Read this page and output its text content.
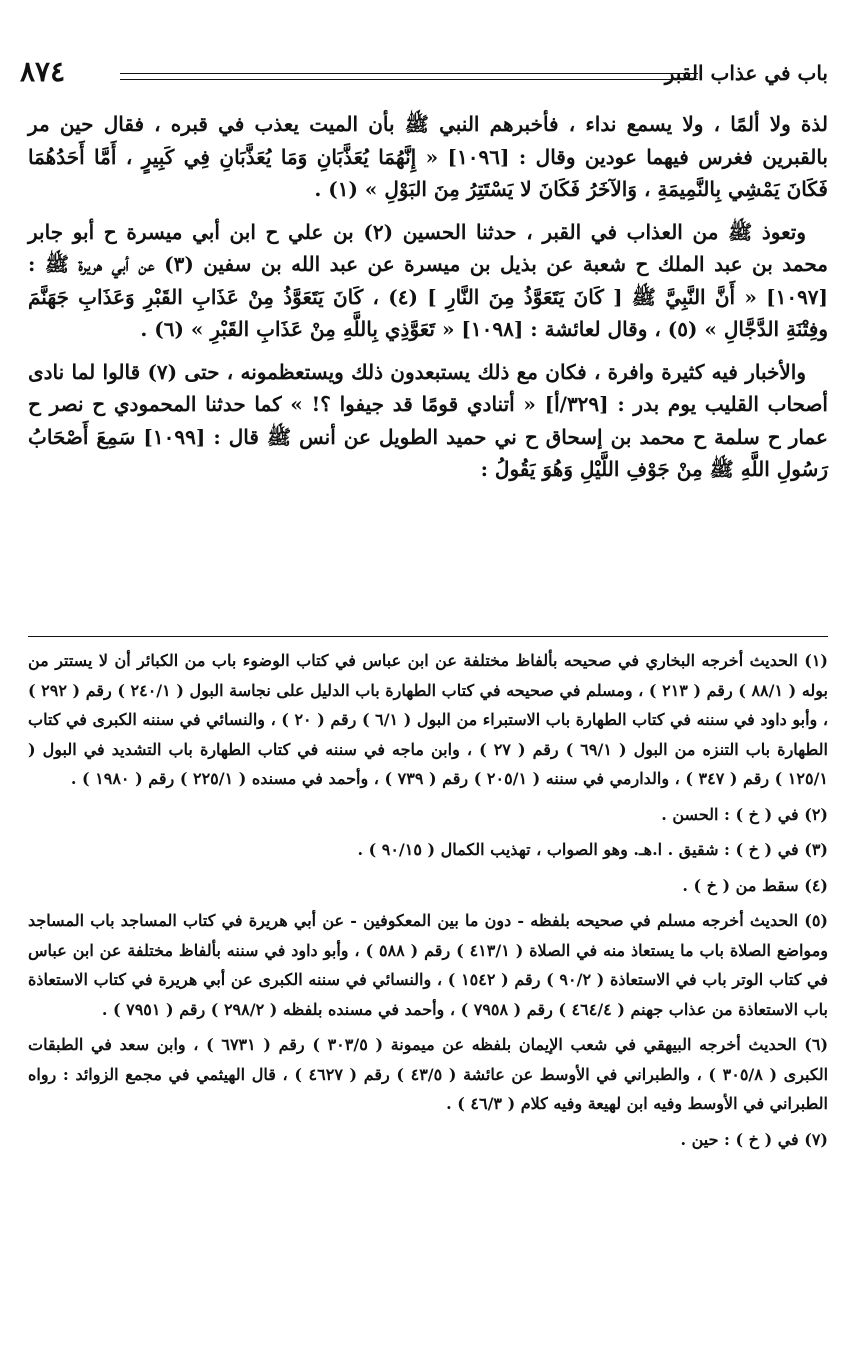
باب في عذاب القبر
٨٧٤

لذة ولا ألمًا ، ولا يسمع نداء ، فأخبرهم النبي ﷺ بأن الميت يعذب في قبره ، فقال حين مر بالقبرين فغرس فيهما عودين وقال : [١٠٩٦] « إِنَّهُمَا يُعَذَّبَانِ وَمَا يُعَذَّبَانِ فِي كَبِيرٍ ، أَمَّا أَحَدُهُمَا فَكَانَ يَمْشِي بِالنَّمِيمَةِ ، وَالآخَرُ فَكَانَ لا يَسْتَتِرُ مِنَ البَوْلِ » (١) .

وتعوذ ﷺ من العذاب في القبر ، حدثنا الحسين (٢) بن علي ح ابن أبي ميسرة ح أبو جابر محمد بن عبد الملك ح شعبة عن بذيل بن ميسرة عن عبد الله بن سفين (٣) عن أبي هريرة ﷺ : [١٠٩٧] « أَنَّ النَّبِيَّ ﷺ [ كَانَ يَتَعَوَّذُ مِنَ النَّارِ ] (٤) ، كَانَ يَتَعَوَّذُ مِنْ عَذَابِ القَبْرِ وَعَذَابِ جَهَنَّمَ وفِتْنَةِ الدَّجَّالِ » (٥) ، وقال لعائشة : [١٠٩٨] « تَعَوَّذِي بِاللَّهِ مِنْ عَذَابِ القَبْرِ » (٦) .

والأخبار فيه كثيرة وافرة ، فكان مع ذلك يستبعدون ذلك ويستعظمونه ، حتى (٧) قالوا لما نادى أصحاب القليب يوم بدر : [٣٢٩/أ] « أتنادي قومًا قد جيفوا ؟! » كما حدثنا المحمودي ح نصر ح عمار ح سلمة ح محمد بن إسحاق ح ني حميد الطويل عن أنس ﷺ قال : [١٠٩٩] سَمِعَ أَصْحَابُ رَسُولِ اللَّهِ ﷺ مِنْ جَوْفِ اللَّيْلِ وَهُوَ يَقُولُ :

(١) الحديث أخرجه البخاري في صحيحه بألفاظ مختلفة عن ابن عباس في كتاب الوضوء باب من الكبائر أن لا يستتر من بوله ( ٨٨/١ ) رقم ( ٢١٣ ) ، ومسلم في صحيحه في كتاب الطهارة باب الدليل على نجاسة البول ( ٢٤٠/١ ) رقم ( ٢٩٢ ) ، وأبو داود في سننه في كتاب الطهارة باب الاستبراء من البول ( ٦/١ ) رقم ( ٢٠ ) ، والنسائي في سننه الكبرى في كتاب الطهارة باب التنزه من البول ( ٦٩/١ ) رقم ( ٢٧ ) ، وابن ماجه في سننه في كتاب الطهارة باب التشديد في البول ( ١٢٥/١ ) رقم ( ٣٤٧ ) ، والدارمي في سننه ( ٢٠٥/١ ) رقم ( ٧٣٩ ) ، وأحمد في مسنده ( ٢٢٥/١ ) رقم ( ١٩٨٠ ) .

(٢) في ( خ ) : الحسن .

(٣) في ( خ ) : شقيق . ا.هـ. وهو الصواب ، تهذيب الكمال ( ٩٠/١٥ ) .

(٤) سقط من ( خ ) .

(٥) الحديث أخرجه مسلم في صحيحه بلفظه - دون ما بين المعكوفين - عن أبي هريرة في كتاب المساجد باب المساجد ومواضع الصلاة باب ما يستعاذ منه في الصلاة ( ٤١٣/١ ) رقم ( ٥٨٨ ) ، وأبو داود في سننه بألفاظ مختلفة عن ابن عباس في كتاب الوتر باب في الاستعاذة ( ٩٠/٢ ) رقم ( ١٥٤٢ ) ، والنسائي في سننه الكبرى عن أبي هريرة في كتاب الاستعاذة باب الاستعاذة من عذاب جهنم ( ٤٦٤/٤ ) رقم ( ٧٩٥٨ ) ، وأحمد في مسنده بلفظه ( ٢٩٨/٢ ) رقم ( ٧٩٥١ ) .

(٦) الحديث أخرجه البيهقي في شعب الإيمان بلفظه عن ميمونة ( ٣٠٣/٥ ) رقم ( ٦٧٣١ ) ، وابن سعد في الطبقات الكبرى ( ٣٠٥/٨ ) ، والطبراني في الأوسط عن عائشة ( ٤٣/٥ ) رقم ( ٤٦٢٧ ) ، قال الهيثمي في مجمع الزوائد : رواه الطبراني في الأوسط وفيه ابن لهيعة وفيه كلام ( ٤٦/٣ ) .

(٧) في ( خ ) : حين .
